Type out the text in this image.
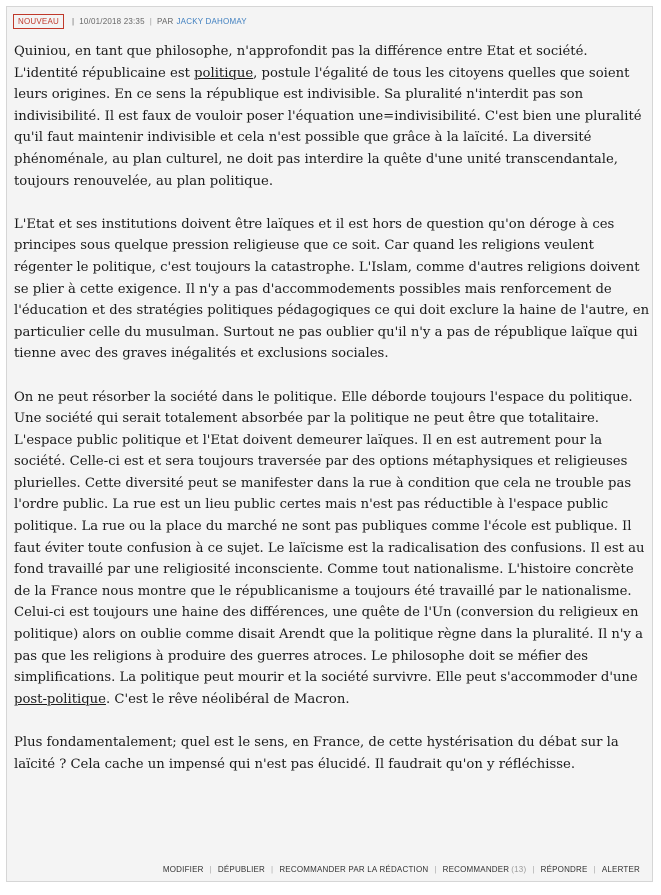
NOUVEAU	| 10/01/2018 23:35 | PAR JACKY DAHOMAY

Quiniou, en tant que philosophe, n'approfondit pas la différence entre Etat et société. L'identité républicaine est politique, postule l'égalité de tous les citoyens quelles que soient leurs origines. En ce sens la république est indivisible. Sa pluralité n'interdit pas son indivisibilité. Il est faux de vouloir poser l'équation une=indivisibilité. C'est bien une pluralité qu'il faut maintenir indivisible et cela n'est possible que grâce à la laïcité. La diversité phénoménale, au plan culturel, ne doit pas interdire la quête d'une unité transcendantale, toujours renouvelée, au plan politique.

L'Etat et ses institutions doivent être laïques et il est hors de question qu'on déroge à ces principes sous quelque pression religieuse que ce soit. Car quand les religions veulent régenter le politique, c'est toujours la catastrophe. L'Islam, comme d'autres religions doivent se plier à cette exigence. Il n'y a pas d'accommodements possibles mais renforcement de l'éducation et des stratégies politiques pédagogiques ce qui doit exclure la haine de l'autre, en particulier celle du musulman. Surtout ne pas oublier qu'il n'y a pas de république laïque qui tienne avec des graves inégalités et exclusions sociales.

On ne peut résorber la société dans le politique. Elle déborde toujours l'espace du politique. Une société qui serait totalement absorbée par la politique ne peut être que totalitaire. L'espace public politique et l'Etat doivent demeurer laïques. Il en est autrement pour la société. Celle-ci est et sera toujours traversée par des options métaphysiques et religieuses plurielles. Cette diversité peut se manifester dans la rue à condition que cela ne trouble pas l'ordre public. La rue est un lieu public certes mais n'est pas réductible à l'espace public politique. La rue ou la place du marché ne sont pas publiques comme l'école est publique. Il faut éviter toute confusion à ce sujet. Le laïcisme est la radicalisation des confusions. Il est au fond travaillé par une religiosité inconsciente. Comme tout nationalisme. L'histoire concrète de la France nous montre que le républicanisme a toujours été travaillé par le nationalisme. Celui-ci est toujours une haine des différences, une quête de l'Un (conversion du religieux en politique) alors on oublie comme disait Arendt que la politique règne dans la pluralité. Il n'y a pas que les religions à produire des guerres atroces. Le philosophe doit se méfier des simplifications. La politique peut mourir et la société survivre. Elle peut s'accommoder d'une post-politique. C'est le rêve néolibéral de Macron.

Plus fondamentalement; quel est le sens, en France, de cette hystérisation du débat sur la laïcité ? Cela cache un impensé qui n'est pas élucidé. Il faudrait qu'on y réfléchisse.

MODIFIER | DÉPUBLIER | RECOMMANDER PAR LA RÉDACTION | RECOMMANDER (13) | RÉPONDRE | ALERTER
